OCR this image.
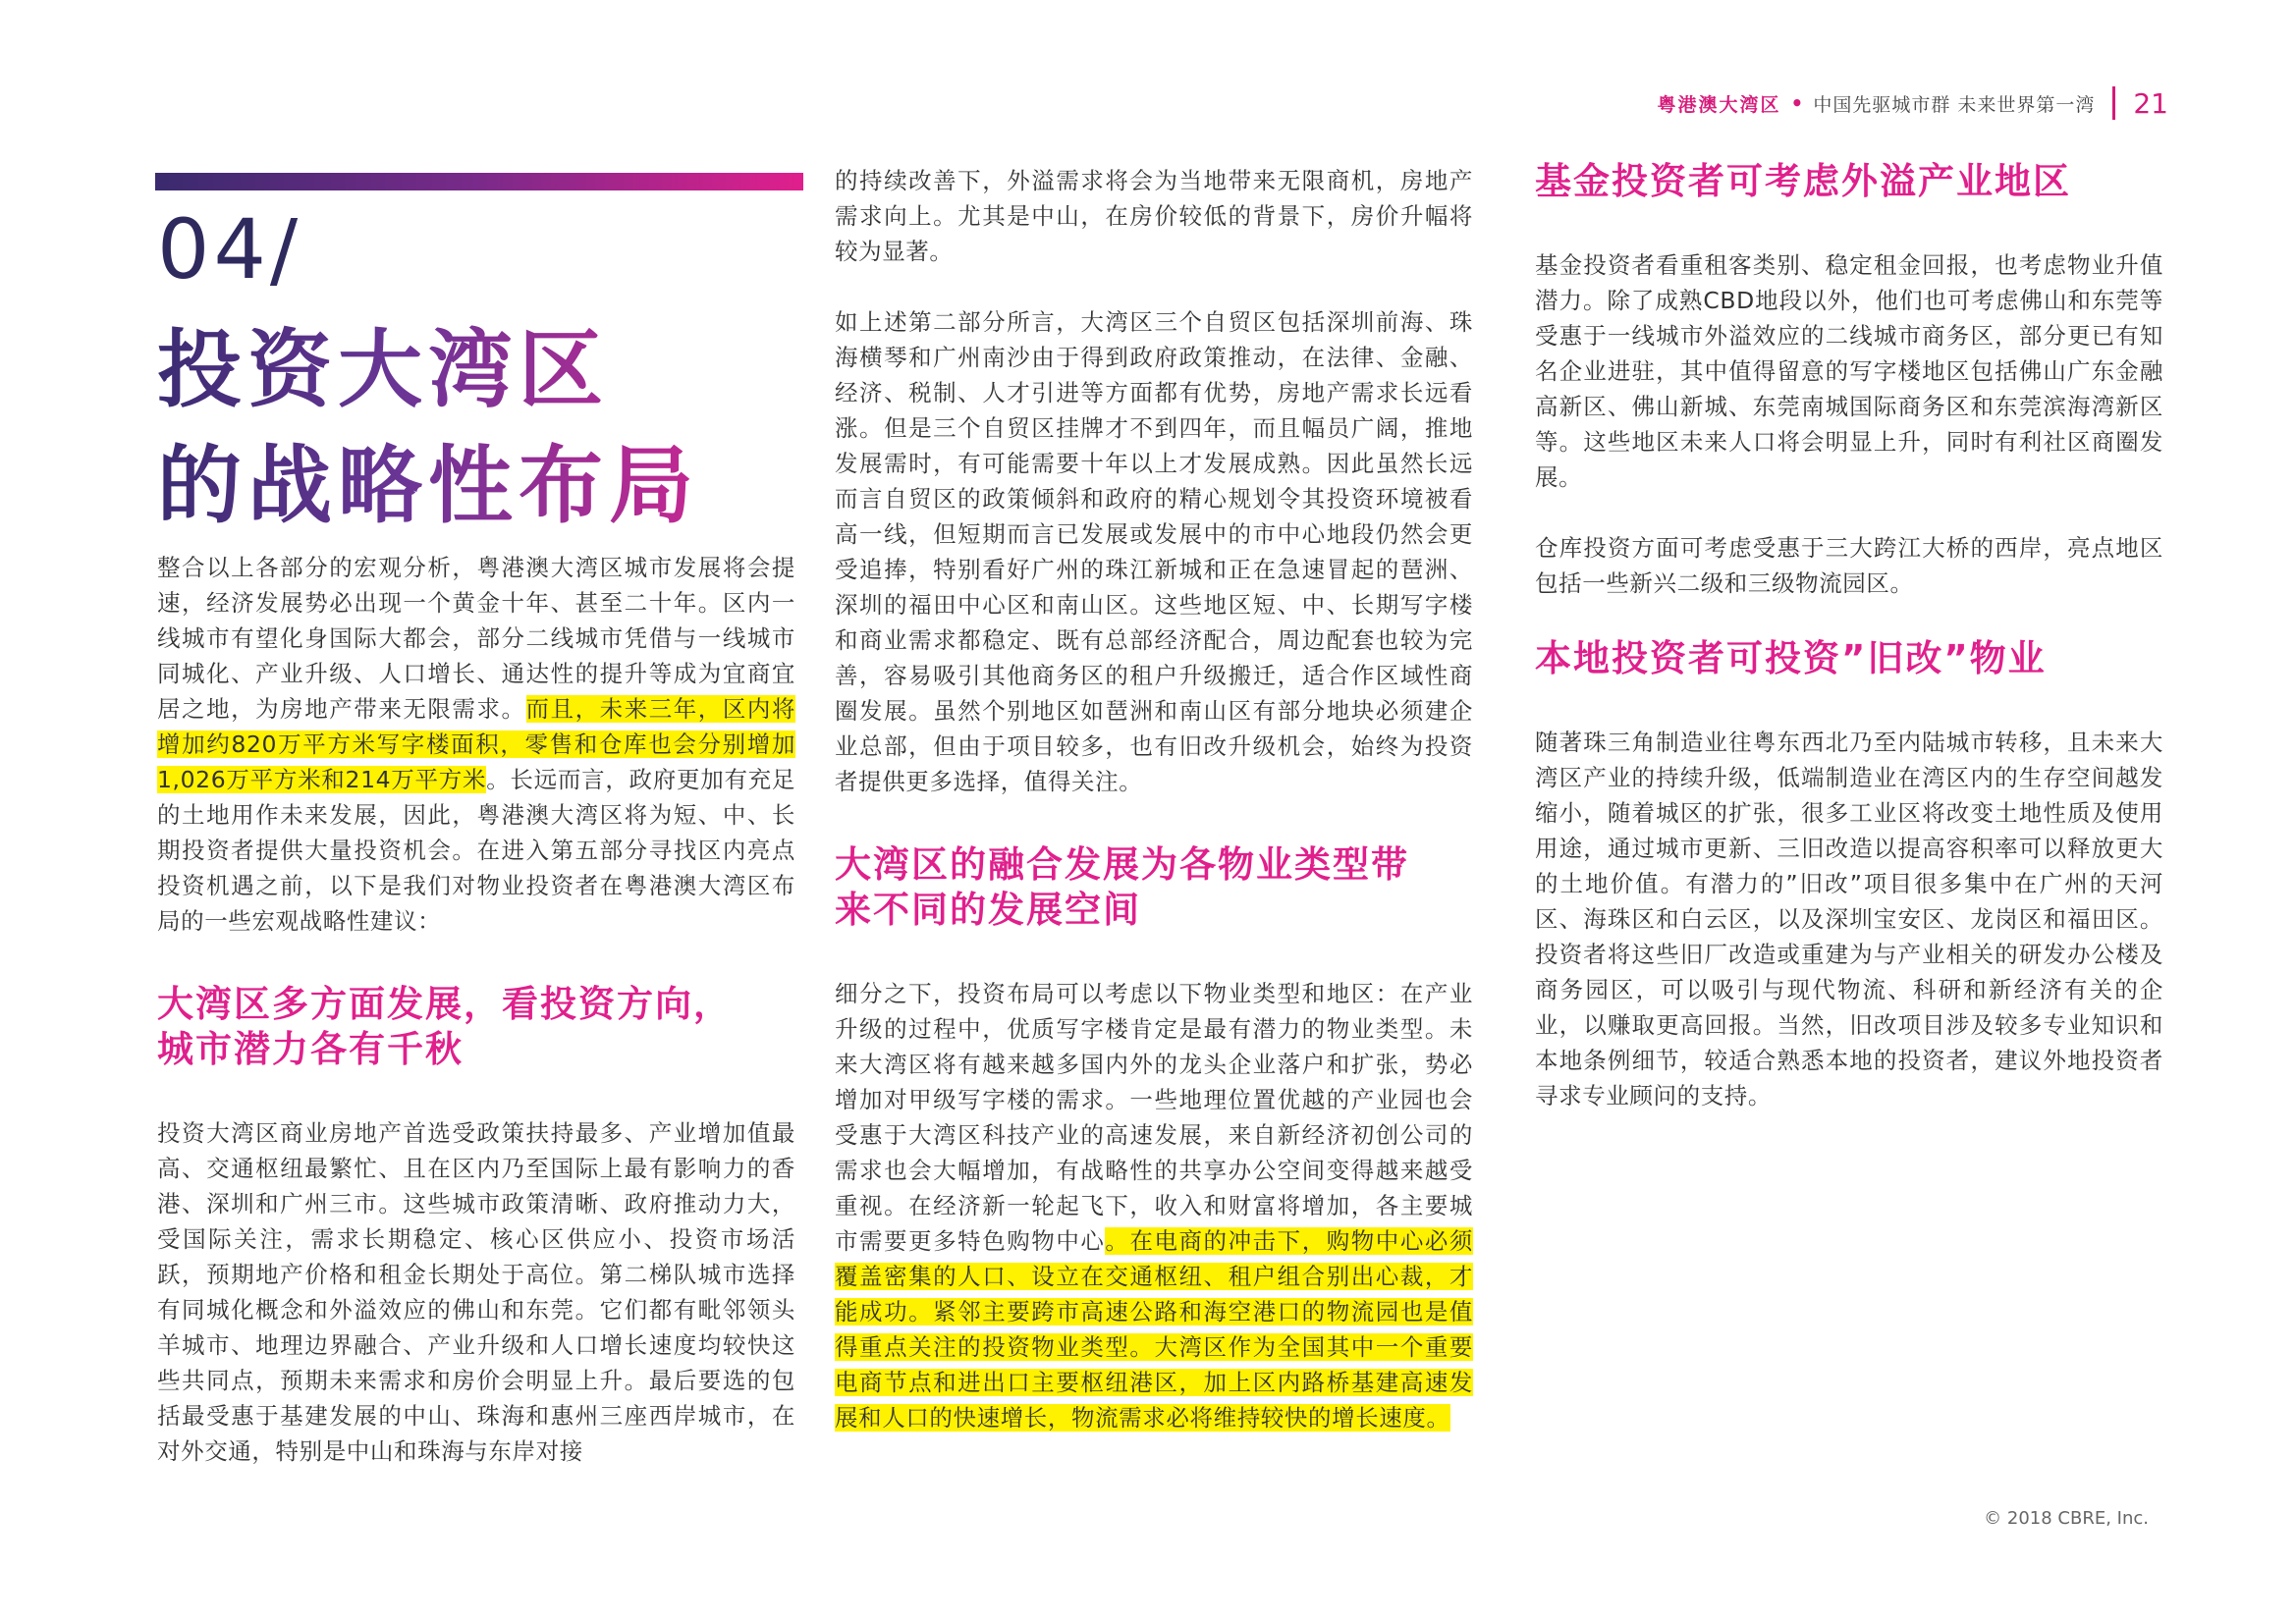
粤港澳大湾区 • 中国先驱城市群 未来世界第一湾 21
04/
投资大湾区
的战略性布局

整合以上各部分的宏观分析，粤港澳大湾区城市发展将会提速，经济发展势必出现一个黄金十年、甚至二十年。区内一线城市有望化身国际大都会，部分二线城市凭借与一线城市同城化、产业升级、人口增长、通达性的提升等成为宜商宜居之地，为房地产带来无限需求。而且，未来三年，区内将增加约820万平方米写字楼面积，零售和仓库也会分别增加1,026万平方米和214万平方米。长远而言，政府更加有充足的土地用作未来发展，因此，粤港澳大湾区将为短、中、长期投资者提供大量投资机会。在进入第五部分寻找区内亮点投资机遇之前，以下是我们对物业投资者在粤港澳大湾区布局的一些宏观战略性建议：

大湾区多方面发展，看投资方向，
城市潜力各有千秋

投资大湾区商业房地产首选受政策扶持最多、产业增加值最高、交通枢纽最繁忙、且在区内乃至国际上最有影响力的香港、深圳和广州三市。这些城市政策清晰、政府推动力大，受国际关注，需求长期稳定、核心区供应小、投资市场活跃，预期地产价格和租金长期处于高位。第二梯队城市选择有同城化概念和外溢效应的佛山和东莞。它们都有毗邻领头羊城市、地理边界融合、产业升级和人口增长速度均较快这些共同点，预期未来需求和房价会明显上升。最后要选的包括最受惠于基建发展的中山、珠海和惠州三座西岸城市，在对外交通，特别是中山和珠海与东岸对接

的持续改善下，外溢需求将会为当地带来无限商机，房地产需求向上。尤其是中山，在房价较低的背景下，房价升幅将较为显著。

如上述第二部分所言，大湾区三个自贸区包括深圳前海、珠海横琴和广州南沙由于得到政府政策推动，在法律、金融、经济、税制、人才引进等方面都有优势，房地产需求长远看涨。但是三个自贸区挂牌才不到四年，而且幅员广阔，推地发展需时，有可能需要十年以上才发展成熟。因此虽然长远而言自贸区的政策倾斜和政府的精心规划令其投资环境被看高一线，但短期而言已发展或发展中的市中心地段仍然会更受追捧，特别看好广州的珠江新城和正在急速冒起的琶洲、深圳的福田中心区和南山区。这些地区短、中、长期写字楼和商业需求都稳定、既有总部经济配合，周边配套也较为完善，容易吸引其他商务区的租户升级搬迁，适合作区域性商圈发展。虽然个别地区如琶洲和南山区有部分地块必须建企业总部，但由于项目较多，也有旧改升级机会，始终为投资者提供更多选择，值得关注。

大湾区的融合发展为各物业类型带
来不同的发展空间

细分之下，投资布局可以考虑以下物业类型和地区：在产业升级的过程中，优质写字楼肯定是最有潜力的物业类型。未来大湾区将有越来越多国内外的龙头企业落户和扩张，势必增加对甲级写字楼的需求。一些地理位置优越的产业园也会受惠于大湾区科技产业的高速发展，来自新经济初创公司的需求也会大幅增加，有战略性的共享办公空间变得越来越受重视。在经济新一轮起飞下，收入和财富将增加，各主要城市需要更多特色购物中心。在电商的冲击下，购物中心必须覆盖密集的人口、设立在交通枢纽、租户组合别出心裁，才能成功。紧邻主要跨市高速公路和海空港口的物流园也是值得重点关注的投资物业类型。大湾区作为全国其中一个重要电商节点和进出口主要枢纽港区，加上区内路桥基建高速发展和人口的快速增长，物流需求必将维持较快的增长速度。

基金投资者可考虑外溢产业地区

基金投资者看重租客类别、稳定租金回报，也考虑物业升值潜力。除了成熟CBD地段以外，他们也可考虑佛山和东莞等受惠于一线城市外溢效应的二线城市商务区，部分更已有知名企业进驻，其中值得留意的写字楼地区包括佛山广东金融高新区、佛山新城、东莞南城国际商务区和东莞滨海湾新区等。这些地区未来人口将会明显上升，同时有利社区商圈发展。

仓库投资方面可考虑受惠于三大跨江大桥的西岸，亮点地区包括一些新兴二级和三级物流园区。

本地投资者可投资”旧改”物业

随著珠三角制造业往粤东西北乃至内陆城市转移，且未来大湾区产业的持续升级，低端制造业在湾区内的生存空间越发缩小，随着城区的扩张，很多工业区将改变土地性质及使用用途，通过城市更新、三旧改造以提高容积率可以释放更大的土地价值。有潜力的”旧改”项目很多集中在广州的天河区、海珠区和白云区，以及深圳宝安区、龙岗区和福田区。投资者将这些旧厂改造或重建为与产业相关的研发办公楼及商务园区，可以吸引与现代物流、科研和新经济有关的企业，以赚取更高回报。当然，旧改项目涉及较多专业知识和本地条例细节，较适合熟悉本地的投资者，建议外地投资者寻求专业顾问的支持。

© 2018 CBRE, Inc.
